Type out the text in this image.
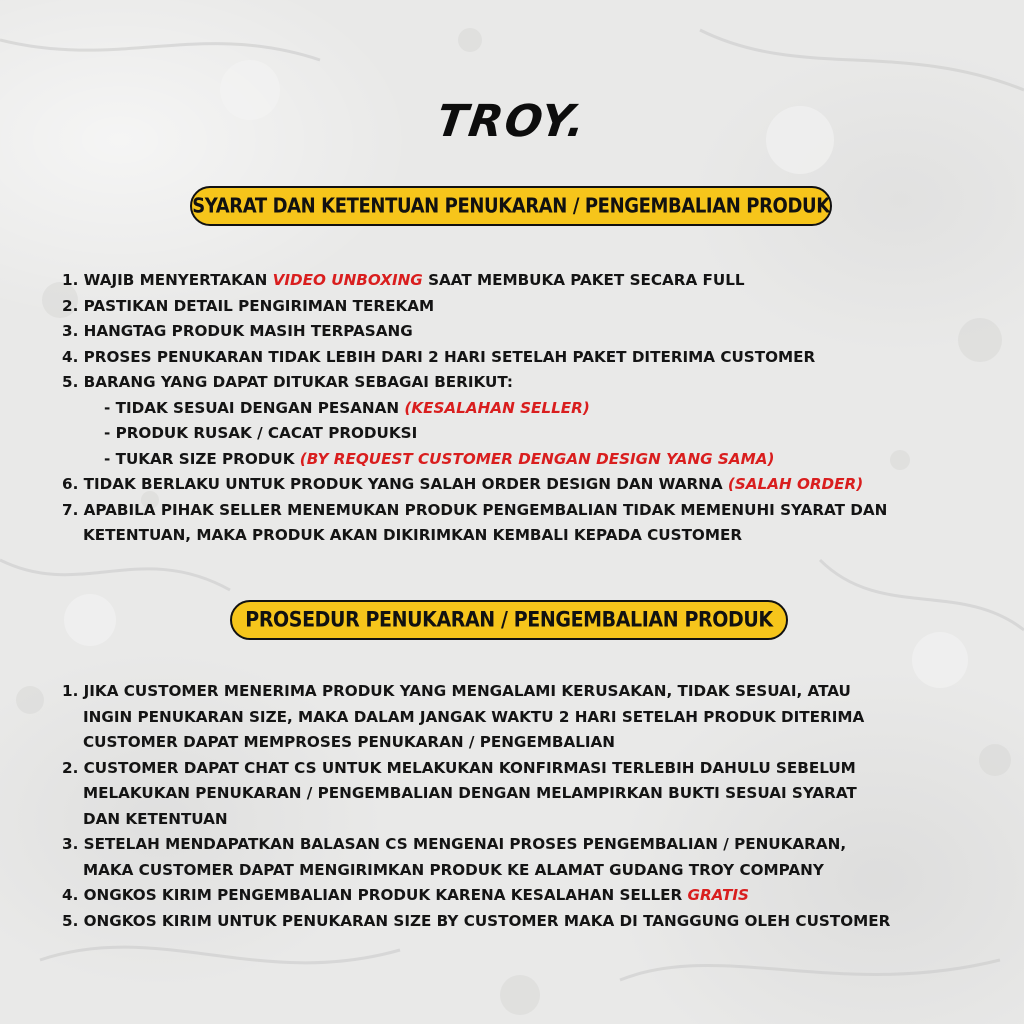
TROY.
SYARAT DAN KETENTUAN PENUKARAN / PENGEMBALIAN PRODUK
1. WAJIB MENYERTAKAN VIDEO UNBOXING SAAT MEMBUKA PAKET SECARA FULL
2. PASTIKAN DETAIL PENGIRIMAN TEREKAM
3. HANGTAG PRODUK MASIH TERPASANG
4. PROSES PENUKARAN TIDAK LEBIH DARI 2 HARI SETELAH PAKET DITERIMA CUSTOMER
5. BARANG YANG DAPAT DITUKAR SEBAGAI BERIKUT:
- TIDAK SESUAI DENGAN PESANAN (KESALAHAN SELLER)
- PRODUK RUSAK / CACAT PRODUKSI
- TUKAR SIZE PRODUK (BY REQUEST CUSTOMER DENGAN DESIGN YANG SAMA)
6. TIDAK BERLAKU UNTUK PRODUK YANG SALAH ORDER DESIGN DAN WARNA (SALAH ORDER)
7. APABILA PIHAK SELLER MENEMUKAN PRODUK PENGEMBALIAN TIDAK MEMENUHI SYARAT DAN
KETENTUAN, MAKA PRODUK AKAN DIKIRIMKAN KEMBALI KEPADA CUSTOMER
PROSEDUR PENUKARAN / PENGEMBALIAN PRODUK
1. JIKA CUSTOMER MENERIMA PRODUK YANG MENGALAMI KERUSAKAN, TIDAK SESUAI, ATAU
INGIN PENUKARAN SIZE, MAKA DALAM JANGAK WAKTU 2 HARI SETELAH PRODUK DITERIMA
CUSTOMER DAPAT MEMPROSES PENUKARAN / PENGEMBALIAN
2. CUSTOMER DAPAT CHAT CS UNTUK MELAKUKAN KONFIRMASI TERLEBIH DAHULU SEBELUM
MELAKUKAN PENUKARAN / PENGEMBALIAN DENGAN MELAMPIRKAN BUKTI SESUAI SYARAT
DAN KETENTUAN
3. SETELAH MENDAPATKAN BALASAN CS MENGENAI PROSES PENGEMBALIAN / PENUKARAN,
MAKA CUSTOMER DAPAT MENGIRIMKAN PRODUK KE ALAMAT GUDANG TROY COMPANY
4. ONGKOS KIRIM PENGEMBALIAN PRODUK KARENA KESALAHAN SELLER GRATIS
5. ONGKOS KIRIM UNTUK PENUKARAN SIZE BY CUSTOMER MAKA DI TANGGUNG OLEH CUSTOMER
